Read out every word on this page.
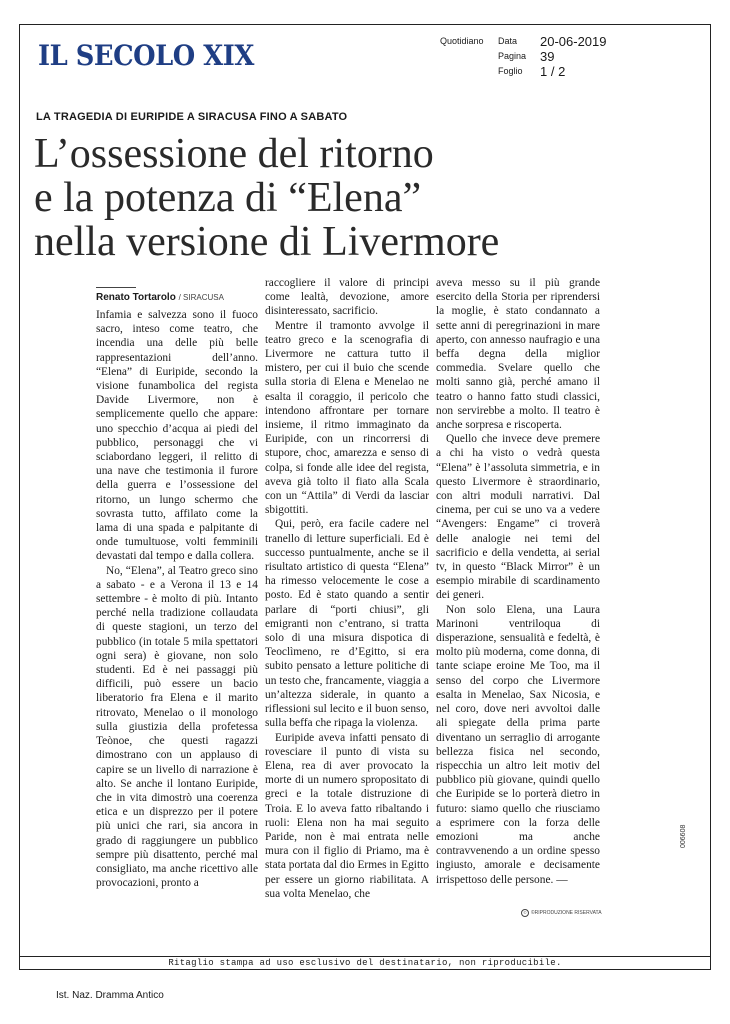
IL SECOLO XIX	Quotidiano Data	20-06-2019
Pagina	39
Foglio	1 / 2
LA TRAGEDIA DI EURIPIDE A SIRACUSA FINO A SABATO
L’ossessione del ritorno
e la potenza di “Elena”
nella versione di Livermore
Renato Tortarolo / SIRACUSA

Infamia e salvezza sono il fuoco sacro, inteso come teatro, che incendia una delle più belle rappresentazioni dell’anno. “Elena” di Euripide, secondo la visione funambolica del regista Davide Livermore, non è semplicemente quello che appare: uno specchio d’acqua ai piedi del pubblico, personaggi che vi sciabordano leggeri, il relitto di una nave che testimonia il furore della guerra e l’ossessione del ritorno, un lungo schermo che sovrasta tutto, affilato come la lama di una spada e palpitante di onde tumultuose, volti femminili devastati dal tempo e dalla collera.

No, “Elena”, al Teatro greco sino a sabato - e a Verona il 13 e 14 settembre - è molto di più. Intanto perché nella tradizione collaudata di queste stagioni, un terzo del pubblico (in totale 5 mila spettatori ogni sera) è giovane, non solo studenti. Ed è nei passaggi più difficili, può essere un bacio liberatorio fra Elena e il marito ritrovato, Menelao o il monologo sulla giustizia della profetessa Teònoe, che questi ragazzi dimostrano con un applauso di capire se un livello di narrazione è alto. Se anche il lontano Euripide, che in vita dimostrò una coerenza etica e un disprezzo per il potere più unici che rari, sia ancora in grado di raggiungere un pubblico sempre più disattento, perché mal consigliato, ma anche ricettivo alle provocazioni, pronto a

raccogliere il valore di principi come lealtà, devozione, amore disinteressato, sacrificio.

Mentre il tramonto avvolge il teatro greco e la scenografia di Livermore ne cattura tutto il mistero, per cui il buio che scende sulla storia di Elena e Menelao ne esalta il coraggio, il pericolo che intendono affrontare per tornare insieme, il ritmo immaginato da Euripide, con un rincorrersi di stupore, choc, amarezza e senso di colpa, si fonde alle idee del regista, aveva già tolto il fiato alla Scala con un “Attila” di Verdi da lasciar sbigottiti.

Qui, però, era facile cadere nel tranello di letture superficiali. Ed è successo puntualmente, anche se il risultato artistico di questa “Elena” ha rimesso velocemente le cose a posto. Ed è stato quando a sentir parlare di “porti chiusi”, gli emigranti non c’entrano, si tratta solo di una misura dispotica di Teoclìmeno, re d’Egitto, si era subito pensato a letture politiche di un testo che, francamente, viaggia a un’altezza siderale, in quanto a riflessioni sul lecito e il buon senso, sulla beffa che ripaga la violenza.

Euripide aveva infatti pensato di rovesciare il punto di vista su Elena, rea di aver provocato la morte di un numero spropositato di greci e la totale distruzione di Troia. E lo aveva fatto ribaltando i ruoli: Elena non ha mai seguito Paride, non è mai entrata nelle mura con il figlio di Priamo, ma è stata portata dal dio Ermes in Egitto per essere un giorno riabilitata. A sua volta Menelao, che

aveva messo su il più grande esercito della Storia per riprendersi la moglie, è stato condannato a sette anni di peregrinazioni in mare aperto, con annesso naufragio e una beffa degna della miglior commedia. Svelare quello che molti sanno già, perché amano il teatro o hanno fatto studi classici, non servirebbe a molto. Il teatro è anche sorpresa e riscoperta.

Quello che invece deve premere a chi ha visto o vedrà questa “Elena” è l’assoluta simmetria, e in questo Livermore è straordinario, con altri moduli narrativi. Dal cinema, per cui se uno va a vedere “Avengers: Engame” ci troverà delle analogie nei temi del sacrificio e della vendetta, ai serial tv, in questo “Black Mirror” è un esempio mirabile di scardinamento dei generi.

Non solo Elena, una Laura Marinoni ventriloqua di disperazione, sensualità e fedeltà, è molto più moderna, come donna, di tante sciape eroine Me Too, ma il senso del corpo che Livermore esalta in Menelao, Sax Nicosia, e nel coro, dove neri avvoltoi dalle ali spiegate della prima parte diventano un serraglio di arrogante bellezza fisica nel secondo, rispecchia un altro leit motiv del pubblico più giovane, quindi quello che Euripide se lo porterà dietro in futuro: siamo quello che riusciamo a esprimere con la forza delle emozioni ma anche contravvenendo a un ordine spesso ingiusto, amorale e decisamente irrispettoso delle persone. —

© ©RIPRODUZIONE RISERVATA
006608
Ritaglio stampa ad uso esclusivo del destinatario, non riproducibile.
Ist. Naz. Dramma Antico
